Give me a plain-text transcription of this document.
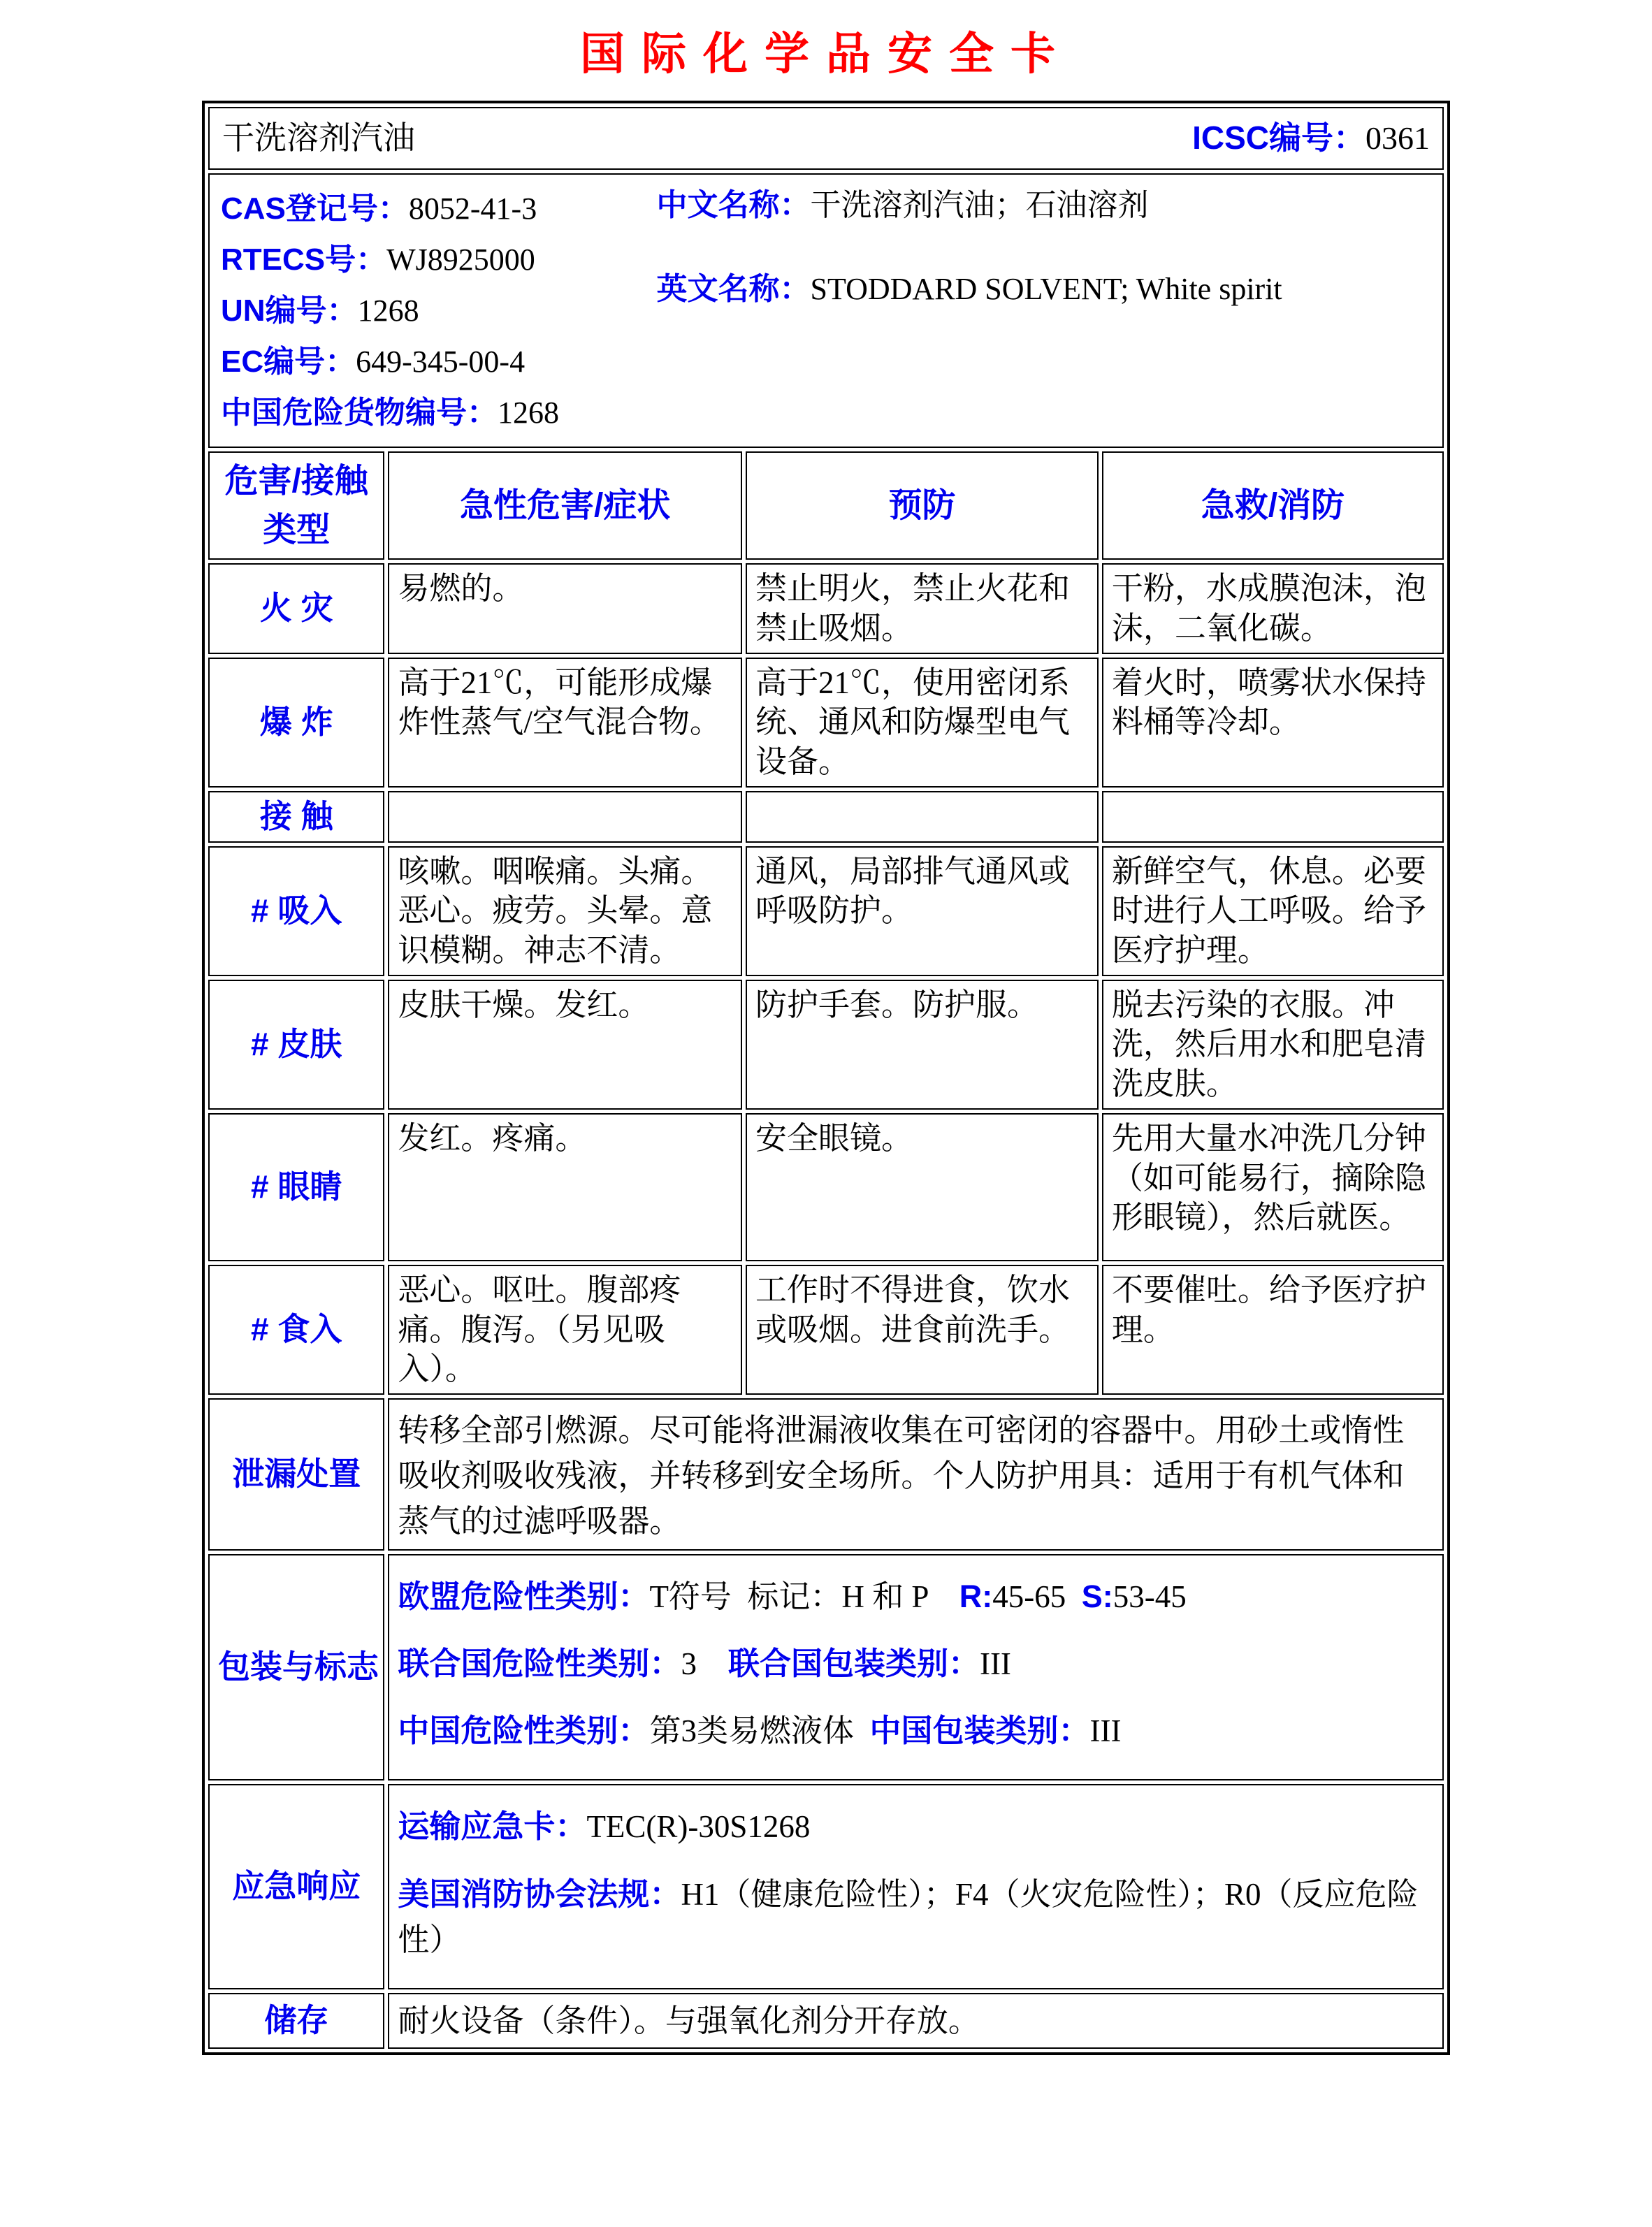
国际化学品安全卡
干洗溶剂汽油 ICSC编号：0361			

CAS登记号：8052-41-3
RTECS号：WJ8925000
UN编号：1268
EC编号：649-345-00-4
中国危险货物编号：1268
中文名称：干洗溶剂汽油；石油溶剂
英文名称：STODDARD SOLVENT; White spirit

危害/接触类型	急性危害/症状	预防	急救/消防
火 灾	易燃的。	禁止明火，禁止火花和禁止吸烟。	干粉，水成膜泡沫，泡沫，二氧化碳。
爆 炸	高于21℃，可能形成爆炸性蒸气/空气混合物。	高于21℃，使用密闭系统、通风和防爆型电气设备。	着火时，喷雾状水保持料桶等冷却。
接 触			
# 吸入	咳嗽。咽喉痛。头痛。恶心。疲劳。头晕。意识模糊。神志不清。	通风，局部排气通风或呼吸防护。	新鲜空气，休息。必要时进行人工呼吸。给予医疗护理。
# 皮肤	皮肤干燥。发红。	防护手套。防护服。	脱去污染的衣服。冲洗，然后用水和肥皂清洗皮肤。
# 眼睛	发红。疼痛。	安全眼镜。	先用大量水冲洗几分钟（如可能易行，摘除隐形眼镜），然后就医。
# 食入	恶心。呕吐。腹部疼痛。腹泻。（另见吸入）。	工作时不得进食，饮水或吸烟。进食前洗手。	不要催吐。给予医疗护理。
泄漏处置	转移全部引燃源。尽可能将泄漏液收集在可密闭的容器中。用砂土或惰性吸收剂吸收残液，并转移到安全场所。个人防护用具：适用于有机气体和蒸气的过滤呼吸器。		
包装与标志	欧盟危险性类别：T符号  标记：H 和 P    R:45-65  S:53-45
联合国危险性类别：3    联合国包装类别：III
中国危险性类别：第3类易燃液体  中国包装类别：III		

应急响应	运输应急卡：TEC(R)-30S1268
美国消防协会法规：H1（健康危险性）；F4（火灾危险性）；R0（反应危险性）		

储存	耐火设备（条件）。与强氧化剂分开存放。		
